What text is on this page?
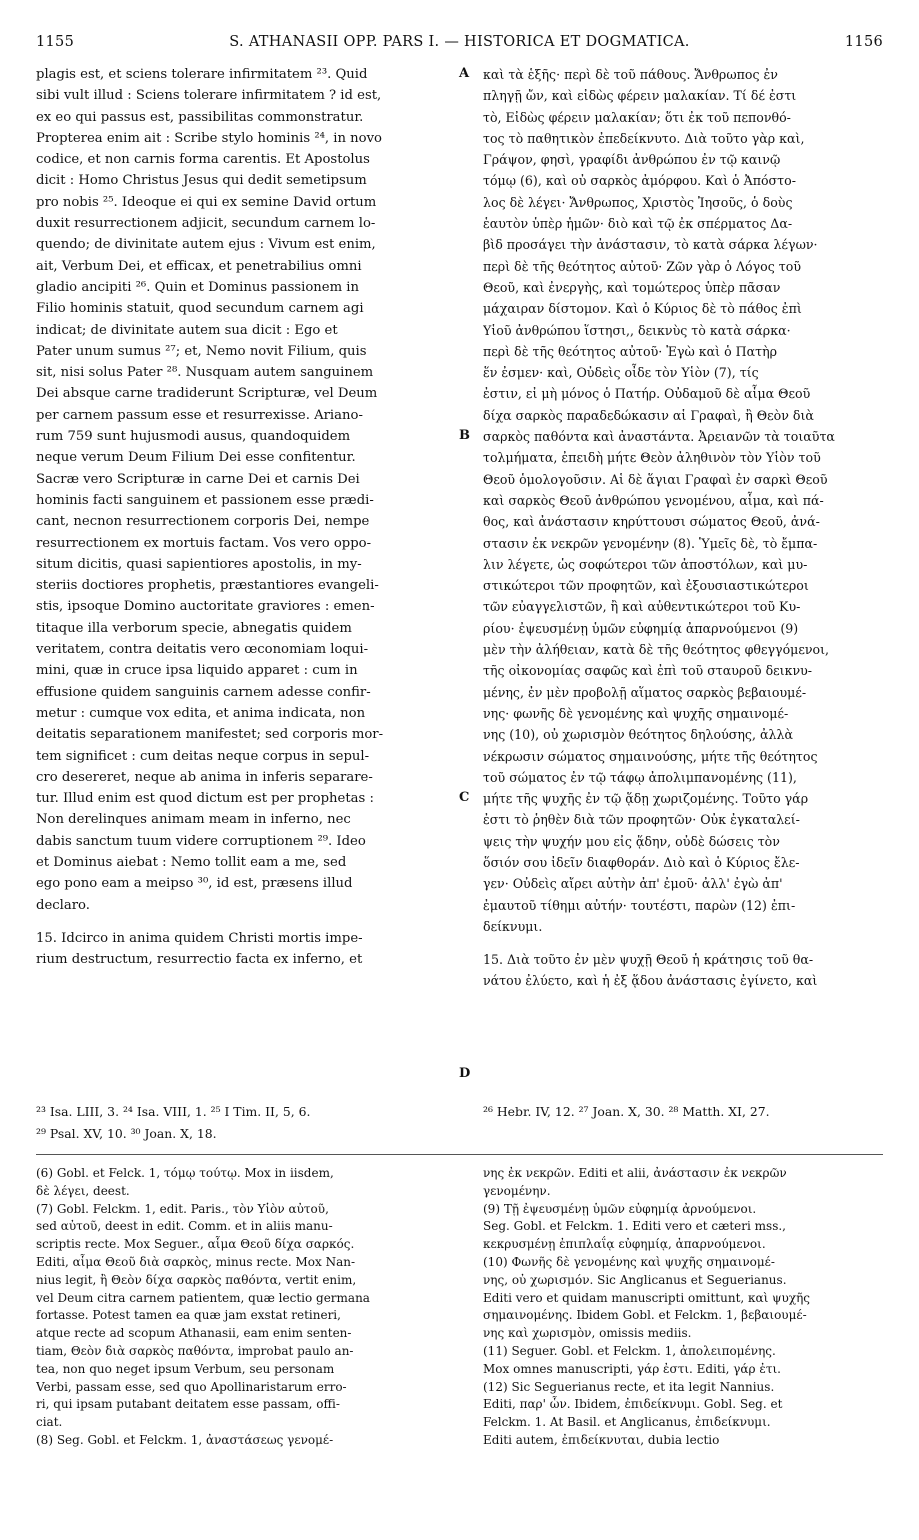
1155	S. ATHANASII OPP. PARS I. — HISTORICA ET DOGMATICA.	1156
plagis est, et sciens tolerare infirmitatem ²³. Quid
sibi vult illud : Sciens tolerare infirmitatem ? id est,
ex eo qui passus est, passibilitas commonstratur.
Propterea enim ait : Scribe stylo hominis ²⁴, in novo
codice, et non carnis forma carentis. Et Apostolus
dicit : Homo Christus Jesus qui dedit semetipsum
pro nobis ²⁵. Ideoque ei qui ex semine David ortum
duxit resurrectionem adjicit, secundum carnem lo-
quendo; de divinitate autem ejus : Vivum est enim,
ait, Verbum Dei, et efficax, et penetrabilius omni
gladio ancipiti ²⁶. Quin et Dominus passionem in
Filio hominis statuit, quod secundum carnem agi
indicat; de divinitate autem sua dicit : Ego et
Pater unum sumus ²⁷; et, Nemo novit Filium, quis
sit, nisi solus Pater ²⁸. Nusquam autem sanguinem
Dei absque carne tradiderunt Scripturæ, vel Deum
per carnem passum esse et resurrexisse. Ariano-
rum 759 sunt hujusmodi ausus, quandoquidem
neque verum Deum Filium Dei esse confitentur.
Sacræ vero Scripturæ in carne Dei et carnis Dei
hominis facti sanguinem et passionem esse prædi-
cant, necnon resurrectionem corporis Dei, nempe
resurrectionem ex mortuis factam. Vos vero oppo-
situm dicitis, quasi sapientiores apostolis, in my-
steriis doctiores prophetis, præstantiores evangeli-
stis, ipsoque Domino auctoritate graviores : emen-
titaque illa verborum specie, abnegatis quidem
veritatem, contra deitatis vero œconomiam loqui-
mini, quæ in cruce ipsa liquido apparet : cum in
effusione quidem sanguinis carnem adesse confir-
metur : cumque vox edita, et anima indicata, non
deitatis separationem manifestet; sed corporis mor-
tem significet : cum deitas neque corpus in sepul-
cro desereret, neque ab anima in inferis separare-
tur. Illud enim est quod dictum est per prophetas :
Non derelinques animam meam in inferno, nec
dabis sanctum tuum videre corruptionem ²⁹. Ideo
et Dominus aiebat : Nemo tollit eam a me, sed
ego pono eam a meipso ³⁰, id est, præsens illud
declaro.
15. Idcirco in anima quidem Christi mortis impe-
rium destructum, resurrectio facta ex inferno, et
καὶ τὰ ἑξῆς· περὶ δὲ τοῦ πάθους. Ἄνθρωπος ἐν
πληγῇ ὤν, καὶ εἰδὼς φέρειν μαλακίαν. Τί δέ ἐστι
τὸ, Εἰδὼς φέρειν μαλακίαν; ὅτι ἐκ τοῦ πεπονθό-
τος τὸ παθητικὸν ἐπεδείκνυτο. Διὰ τοῦτο γὰρ καὶ,
Γράψον, φησὶ, γραφίδι ἀνθρώπου ἐν τῷ καινῷ
τόμῳ (6), καὶ οὐ σαρκὸς ἀμόρφου. Καὶ ὁ Ἀπόστο-
λος δὲ λέγει· Ἄνθρωπος, Χριστὸς Ἰησοῦς, ὁ δοὺς
ἑαυτὸν ὑπὲρ ἡμῶν· διὸ καὶ τῷ ἐκ σπέρματος Δα-
βὶδ προσάγει τὴν ἀνάστασιν, τὸ κατὰ σάρκα λέγων·
περὶ δὲ τῆς θεότητος αὐτοῦ· Ζῶν γὰρ ὁ Λόγος τοῦ
Θεοῦ, καὶ ἐνεργὴς, καὶ τομώτερος ὑπὲρ πᾶσαν
μάχαιραν δίστομον. Καὶ ὁ Κύριος δὲ τὸ πάθος ἐπὶ
Υἱοῦ ἀνθρώπου ἵστησι,, δεικνὺς τὸ κατὰ σάρκα·
περὶ δὲ τῆς θεότητος αὐτοῦ· Ἐγὼ καὶ ὁ Πατὴρ
ἕν ἐσμεν· καὶ, Οὐδεὶς οἶδε τὸν Υἱὸν (7), τίς
ἐστιν, εἰ μὴ μόνος ὁ Πατήρ. Οὐδαμοῦ δὲ αἷμα Θεοῦ
δίχα σαρκὸς παραδεδώκασιν αἱ Γραφαὶ, ἢ Θεὸν διὰ
σαρκὸς παθόντα καὶ ἀναστάντα. Ἀρειανῶν τὰ τοιαῦτα
τολμήματα, ἐπειδὴ μήτε Θεὸν ἀληθινὸν τὸν Υἱὸν τοῦ
Θεοῦ ὁμολογοῦσιν. Αἱ δὲ ἅγιαι Γραφαὶ ἐν σαρκὶ Θεοῦ
καὶ σαρκὸς Θεοῦ ἀνθρώπου γενομένου, αἷμα, καὶ πά-
θος, καὶ ἀνάστασιν κηρύττουσι σώματος Θεοῦ, ἀνά-
στασιν ἐκ νεκρῶν γενομένην (8). Ὑμεῖς δὲ, τὸ ἔμπα-
λιν λέγετε, ὡς σοφώτεροι τῶν ἀποστόλων, καὶ μυ-
στικώτεροι τῶν προφητῶν, καὶ ἐξουσιαστικώτεροι
τῶν εὐαγγελιστῶν, ἢ καὶ αὐθεντικώτεροι τοῦ Κυ-
ρίου· ἐψευσμένῃ ὑμῶν εὐφημίᾳ ἀπαρνούμενοι (9)
μὲν τὴν ἀλήθειαν, κατὰ δὲ τῆς θεότητος φθεγγόμενοι,
τῆς οἰκονομίας σαφῶς καὶ ἐπὶ τοῦ σταυροῦ δεικνυ-
μένης, ἐν μὲν προβολῇ αἵματος σαρκὸς βεβαιουμέ-
νης· φωνῆς δὲ γενομένης καὶ ψυχῆς σημαινομέ-
νης (10), οὐ χωρισμὸν θεότητος δηλούσης, ἀλλὰ
νέκρωσιν σώματος σημαινούσης, μήτε τῆς θεότητος
τοῦ σώματος ἐν τῷ τάφῳ ἀπολιμπανομένης (11),
μήτε τῆς ψυχῆς ἐν τῷ ᾅδῃ χωριζομένης. Τοῦτο γάρ
ἐστι τὸ ῥηθὲν διὰ τῶν προφητῶν· Οὐκ ἐγκαταλεί-
ψεις τὴν ψυχήν μου εἰς ᾅδην, οὐδὲ δώσεις τὸν
ὅσιόν σου ἰδεῖν διαφθοράν. Διὸ καὶ ὁ Κύριος ἔλε-
γεν· Οὐδεὶς αἴρει αὐτὴν ἀπ' ἐμοῦ· ἀλλ' ἐγὼ ἀπ'
ἐμαυτοῦ τίθημι αὐτήν· τουτέστι, παρὼν (12) ἐπι-
δείκνυμι.
15. Διὰ τοῦτο ἐν μὲν ψυχῇ Θεοῦ ἡ κράτησις τοῦ θα-
νάτου ἐλύετο, καὶ ἡ ἐξ ᾅδου ἀνάστασις ἐγίνετο, καὶ
A
B
C
D
²³ Isa. LIII, 3. ²⁴ Isa. VIII, 1. ²⁵ I Tim. II, 5, 6.
²⁹ Psal. XV, 10. ³⁰ Joan. X, 18.
²⁶ Hebr. IV, 12. ²⁷ Joan. X, 30. ²⁸ Matth. XI, 27.
(6) Gobl. et Felck. 1, τόμῳ τούτῳ. Mox in iisdem,
δὲ λέγει, deest.
(7) Gobl. Felckm. 1, edit. Paris., τὸν Υἱὸν αὐτοῦ,
sed αὐτοῦ, deest in edit. Comm. et in aliis manu-
scriptis recte. Mox Seguer., αἷμα Θεοῦ δίχα σαρκός.
Editi, αἷμα Θεοῦ διὰ σαρκὸς, minus recte. Mox Nan-
nius legit, ἢ Θεὸν δίχα σαρκὸς παθόντα, vertit enim,
vel Deum citra carnem patientem, quæ lectio germana
fortasse. Potest tamen ea quæ jam exstat retineri,
atque recte ad scopum Athanasii, eam enim senten-
tiam, Θεὸν διὰ σαρκὸς παθόντα, improbat paulo an-
tea, non quo neget ipsum Verbum, seu personam
Verbi, passam esse, sed quo Apollinaristarum erro-
ri, qui ipsam putabant deitatem esse passam, offi-
ciat.
(8) Seg. Gobl. et Felckm. 1, ἀναστάσεως γενομέ-
νης ἐκ νεκρῶν. Editi et alii, ἀνάστασιν ἐκ νεκρῶν
γενομένην.
(9) Τῇ ἐψευσμένῃ ὑμῶν εὐφημίᾳ ἀρνούμενοι.
Seg. Gobl. et Felckm. 1. Editi vero et cæteri mss.,
κεκρυσμένῃ ἐπιπλαΐᾳ εὐφημίᾳ, ἀπαρνούμενοι.
(10) Φωνῆς δὲ γενομένης καὶ ψυχῆς σημαινομέ-
νης, οὐ χωρισμόν. Sic Anglicanus et Seguerianus.
Editi vero et quidam manuscripti omittunt, καὶ ψυχῆς
σημαινομένης. Ibidem Gobl. et Felckm. 1, βεβαιουμέ-
νης καὶ χωρισμὸν, omissis mediis.
(11) Seguer. Gobl. et Felckm. 1, ἀπολειπομένης.
Mox omnes manuscripti, γάρ ἐστι. Editi, γάρ ἐτι.
(12) Sic Seguerianus recte, et ita legit Nannius.
Editi, παρ' ὧν. Ibidem, ἐπιδείκνυμι. Gobl. Seg. et
Felckm. 1. At Basil. et Anglicanus, ἐπιδείκνυμι.
Editi autem, ἐπιδείκνυται, dubia lectio
